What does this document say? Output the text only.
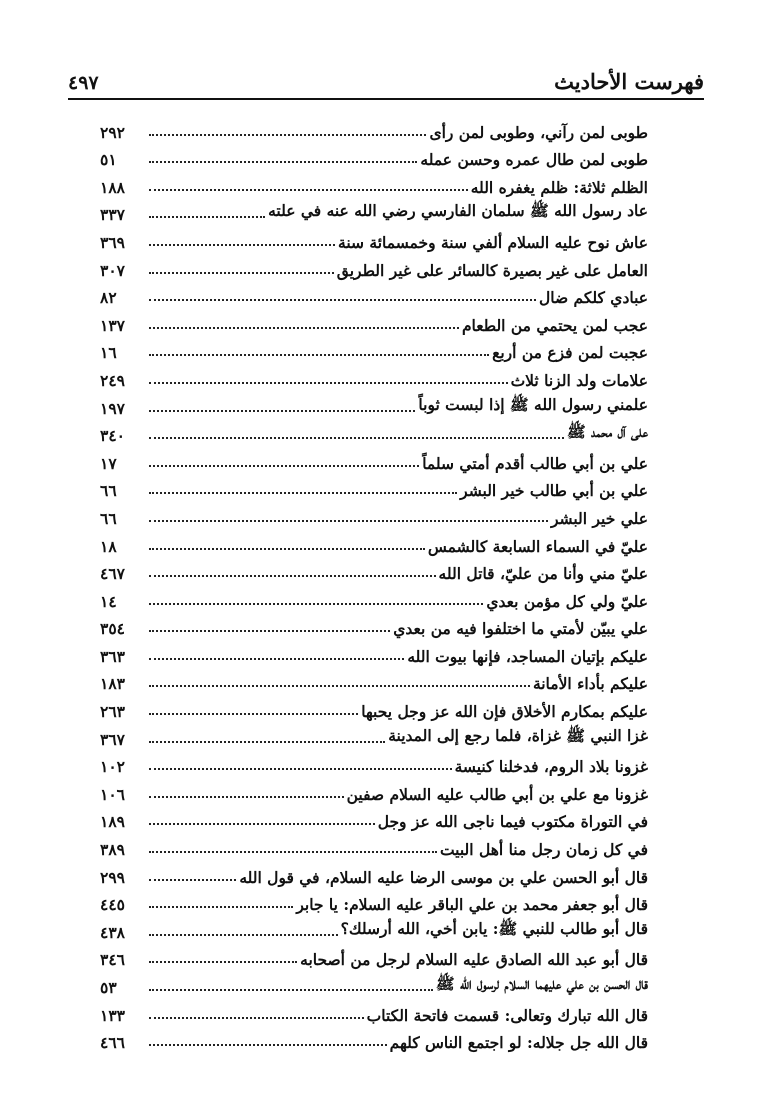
فهرست الأحاديث
٤٩٧
طوبى لمن رآني، وطوبى لمن رأى
٢٩٢
طوبى لمن طال عمره وحسن عمله
٥١
الظلم ثلاثة: ظلم يغفره الله
١٨٨
عاد رسول الله ﷺ سلمان الفارسي رضي الله عنه في علته
٣٣٧
عاش نوح عليه السلام ألفي سنة وخمسمائة سنة
٣٦٩
العامل على غير بصيرة كالسائر على غير الطريق
٣٠٧
عبادي كلكم ضال
٨٢
عجب لمن يحتمي من الطعام
١٣٧
عجبت لمن فزع من أربع
١٦
علامات ولد الزنا ثلاث
٢٤٩
علمني رسول الله ﷺ إذا لبست ثوباً
١٩٧
على آل محمد ﷺ
٣٤٠
علي بن أبي طالب أقدم أمتي سلماً
١٧
علي بن أبي طالب خير البشر
٦٦
علي خير البشر
٦٦
عليّ في السماء السابعة كالشمس
١٨
عليّ مني وأنا من عليّ، قاتل الله
٤٦٧
عليّ ولي كل مؤمن بعدي
١٤
علي يبيّن لأمتي ما اختلفوا فيه من بعدي
٣٥٤
عليكم بإتيان المساجد، فإنها بيوت الله
٣٦٣
عليكم بأداء الأمانة
١٨٣
عليكم بمكارم الأخلاق فإن الله عز وجل يحبها
٢٦٣
غزا النبي ﷺ غزاة، فلما رجع إلى المدينة
٣٦٧
غزونا بلاد الروم، فدخلنا كنيسة
١٠٢
غزونا مع علي بن أبي طالب عليه السلام صفين
١٠٦
في التوراة مكتوب فيما ناجى الله عز وجل
١٨٩
في كل زمان رجل منا أهل البيت
٣٨٩
قال أبو الحسن علي بن موسى الرضا عليه السلام، في قول الله
٢٩٩
قال أبو جعفر محمد بن علي الباقر عليه السلام: يا جابر
٤٤٥
قال أبو طالب للنبي ﷺ: يابن أخي، الله أرسلك؟
٤٣٨
قال أبو عبد الله الصادق عليه السلام لرجل من أصحابه
٣٤٦
قال الحسن بن علي عليهما السلام لرسول الله ﷺ
٥٣
قال الله تبارك وتعالى: قسمت فاتحة الكتاب
١٣٣
قال الله جل جلاله: لو اجتمع الناس كلهم
٤٦٦
